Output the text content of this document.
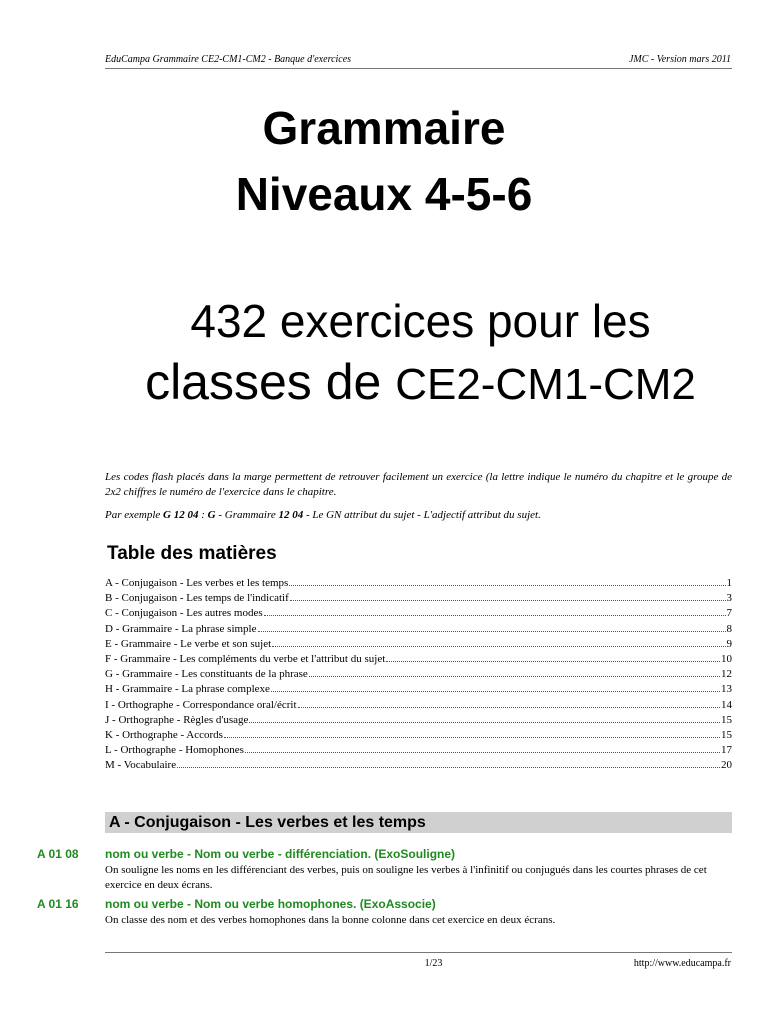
EduCampa Grammaire CE2-CM1-CM2 - Banque d'exercices	JMC - Version mars 2011
Grammaire
Niveaux 4-5-6
432 exercices pour les
classes de CE2-CM1-CM2
Les codes flash placés dans la marge permettent de retrouver facilement un exercice (la lettre indique le numéro du chapitre et le groupe de 2x2 chiffres le numéro de l'exercice dans le chapitre.
Par exemple G 12 04 : G - Grammaire 12 04 - Le GN attribut du sujet - L'adjectif attribut du sujet.
Table des matières
A - Conjugaison - Les verbes et les temps	1
B - Conjugaison - Les temps de l'indicatif	3
C - Conjugaison - Les autres modes	7
D - Grammaire - La phrase simple	8
E - Grammaire - Le verbe et son sujet	9
F - Grammaire - Les compléments du verbe et l'attribut du sujet	10
G - Grammaire - Les constituants de la phrase	12
H - Grammaire - La phrase complexe	13
I - Orthographe - Correspondance oral/écrit	14
J - Orthographe - Règles d'usage	15
K - Orthographe - Accords	15
L - Orthographe - Homophones	17
M - Vocabulaire	20
A - Conjugaison - Les verbes et les temps
A 01 08 nom ou verbe - Nom ou verbe - différenciation. (ExoSouligne)
On souligne les noms en les différenciant des verbes, puis on souligne les verbes à l'infinitif ou conjugués dans les courtes phrases de cet exercice en deux écrans.
A 01 16 nom ou verbe - Nom ou verbe homophones. (ExoAssocie)
On classe des nom et des verbes homophones dans la bonne colonne dans cet exercice en deux écrans.
1/23	http://www.educampa.fr
